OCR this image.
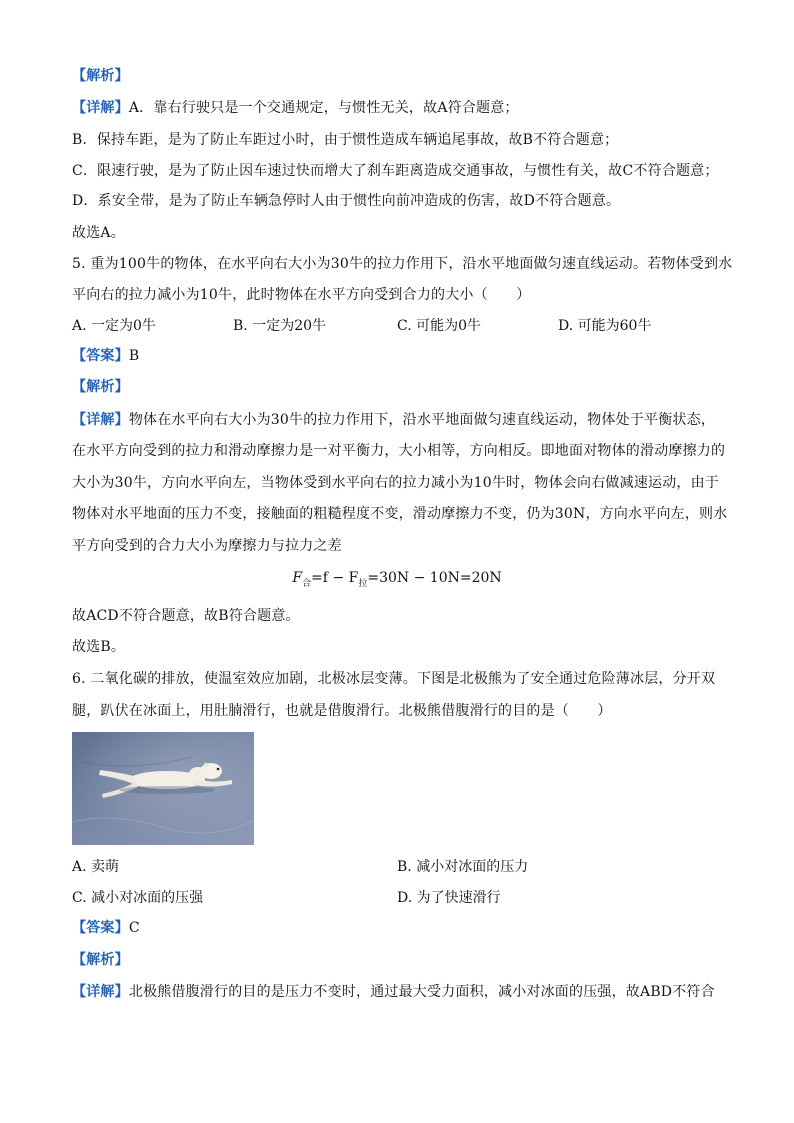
【解析】
【详解】A．靠右行驶只是一个交通规定，与惯性无关，故A符合题意；
B．保持车距，是为了防止车距过小时，由于惯性造成车辆追尾事故，故B不符合题意；
C．限速行驶，是为了防止因车速过快而增大了刹车距离造成交通事故，与惯性有关，故C不符合题意；
D．系安全带，是为了防止车辆急停时人由于惯性向前冲造成的伤害，故D不符合题意。
故选A。
5. 重为100牛的物体，在水平向右大小为30牛的拉力作用下，沿水平地面做匀速直线运动。若物体受到水
平向右的拉力减小为10牛，此时物体在水平方向受到合力的大小（　　）
A. 一定为0牛	B. 一定为20牛	C. 可能为0牛	D. 可能为60牛
【答案】B
【解析】
【详解】物体在水平向右大小为30牛的拉力作用下，沿水平地面做匀速直线运动，物体处于平衡状态，
在水平方向受到的拉力和滑动摩擦力是一对平衡力，大小相等，方向相反。即地面对物体的滑动摩擦力的
大小为30牛，方向水平向左，当物体受到水平向右的拉力减小为10牛时，物体会向右做减速运动，由于
物体对水平地面的压力不变，接触面的粗糙程度不变，滑动摩擦力不变，仍为30N，方向水平向左，则水
平方向受到的合力大小为摩擦力与拉力之差
$F_合=f - F_拉=30N - 10N=20N$
故ACD不符合题意，故B符合题意。
故选B。
6. 二氧化碳的排放，使温室效应加剧，北极冰层变薄。下图是北极熊为了安全通过危险薄冰层，分开双
腿，趴伏在冰面上，用肚腩滑行，也就是借腹滑行。北极熊借腹滑行的目的是（　　）
A. 卖萌	B. 减小对冰面的压力
C. 减小对冰面的压强	D. 为了快速滑行
【答案】C
【解析】
【详解】北极熊借腹滑行的目的是压力不变时，通过最大受力面积，减小对冰面的压强，故ABD不符合
